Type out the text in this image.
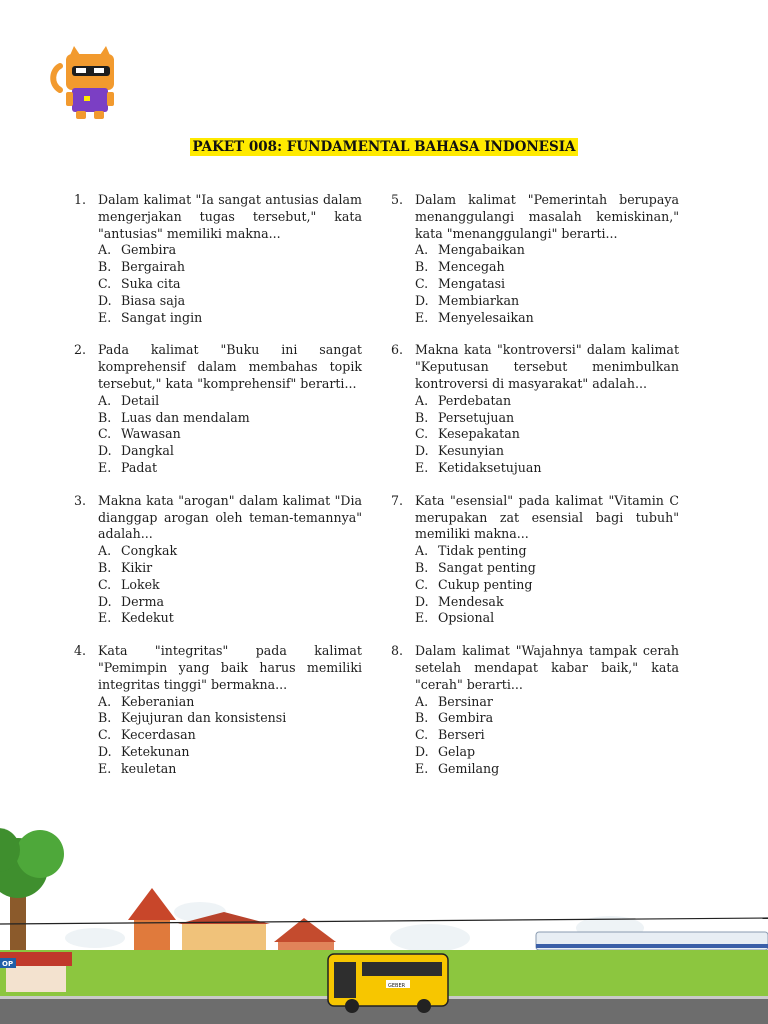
PAKET 008: FUNDAMENTAL BAHASA INDONESIA
1. Dalam kalimat "Ia sangat antusias dalam mengerjakan tugas tersebut," kata "antusias" memiliki makna...
A. Gembira
B. Bergairah
C. Suka cita
D. Biasa saja
E. Sangat ingin
2. Pada kalimat "Buku ini sangat komprehensif dalam membahas topik tersebut," kata "komprehensif" berarti...
A. Detail
B. Luas dan mendalam
C. Wawasan
D. Dangkal
E. Padat
3. Makna kata "arogan" dalam kalimat "Dia dianggap arogan oleh teman-temannya" adalah...
A. Congkak
B. Kikir
C. Lokek
D. Derma
E. Kedekut
4. Kata "integritas" pada kalimat "Pemimpin yang baik harus memiliki integritas tinggi" bermakna...
A. Keberanian
B. Kejujuran dan konsistensi
C. Kecerdasan
D. Ketekunan
E. keuletan
5. Dalam kalimat "Pemerintah berupaya menanggulangi masalah kemiskinan," kata "menanggulangi" berarti...
A. Mengabaikan
B. Mencegah
C. Mengatasi
D. Membiarkan
E. Menyelesaikan
6. Makna kata "kontroversi" dalam kalimat "Keputusan tersebut menimbulkan kontroversi di masyarakat" adalah...
A. Perdebatan
B. Persetujuan
C. Kesepakatan
D. Kesunyian
E. Ketidaksetujuan
7. Kata "esensial" pada kalimat "Vitamin C merupakan zat esensial bagi tubuh" memiliki makna...
A. Tidak penting
B. Sangat penting
C. Cukup penting
D. Mendesak
E. Opsional
8. Dalam kalimat "Wajahnya tampak cerah setelah mendapat kabar baik," kata "cerah" berarti...
A. Bersinar
B. Gembira
C. Berseri
D. Gelap
E. Gemilang
OP
GEBER
